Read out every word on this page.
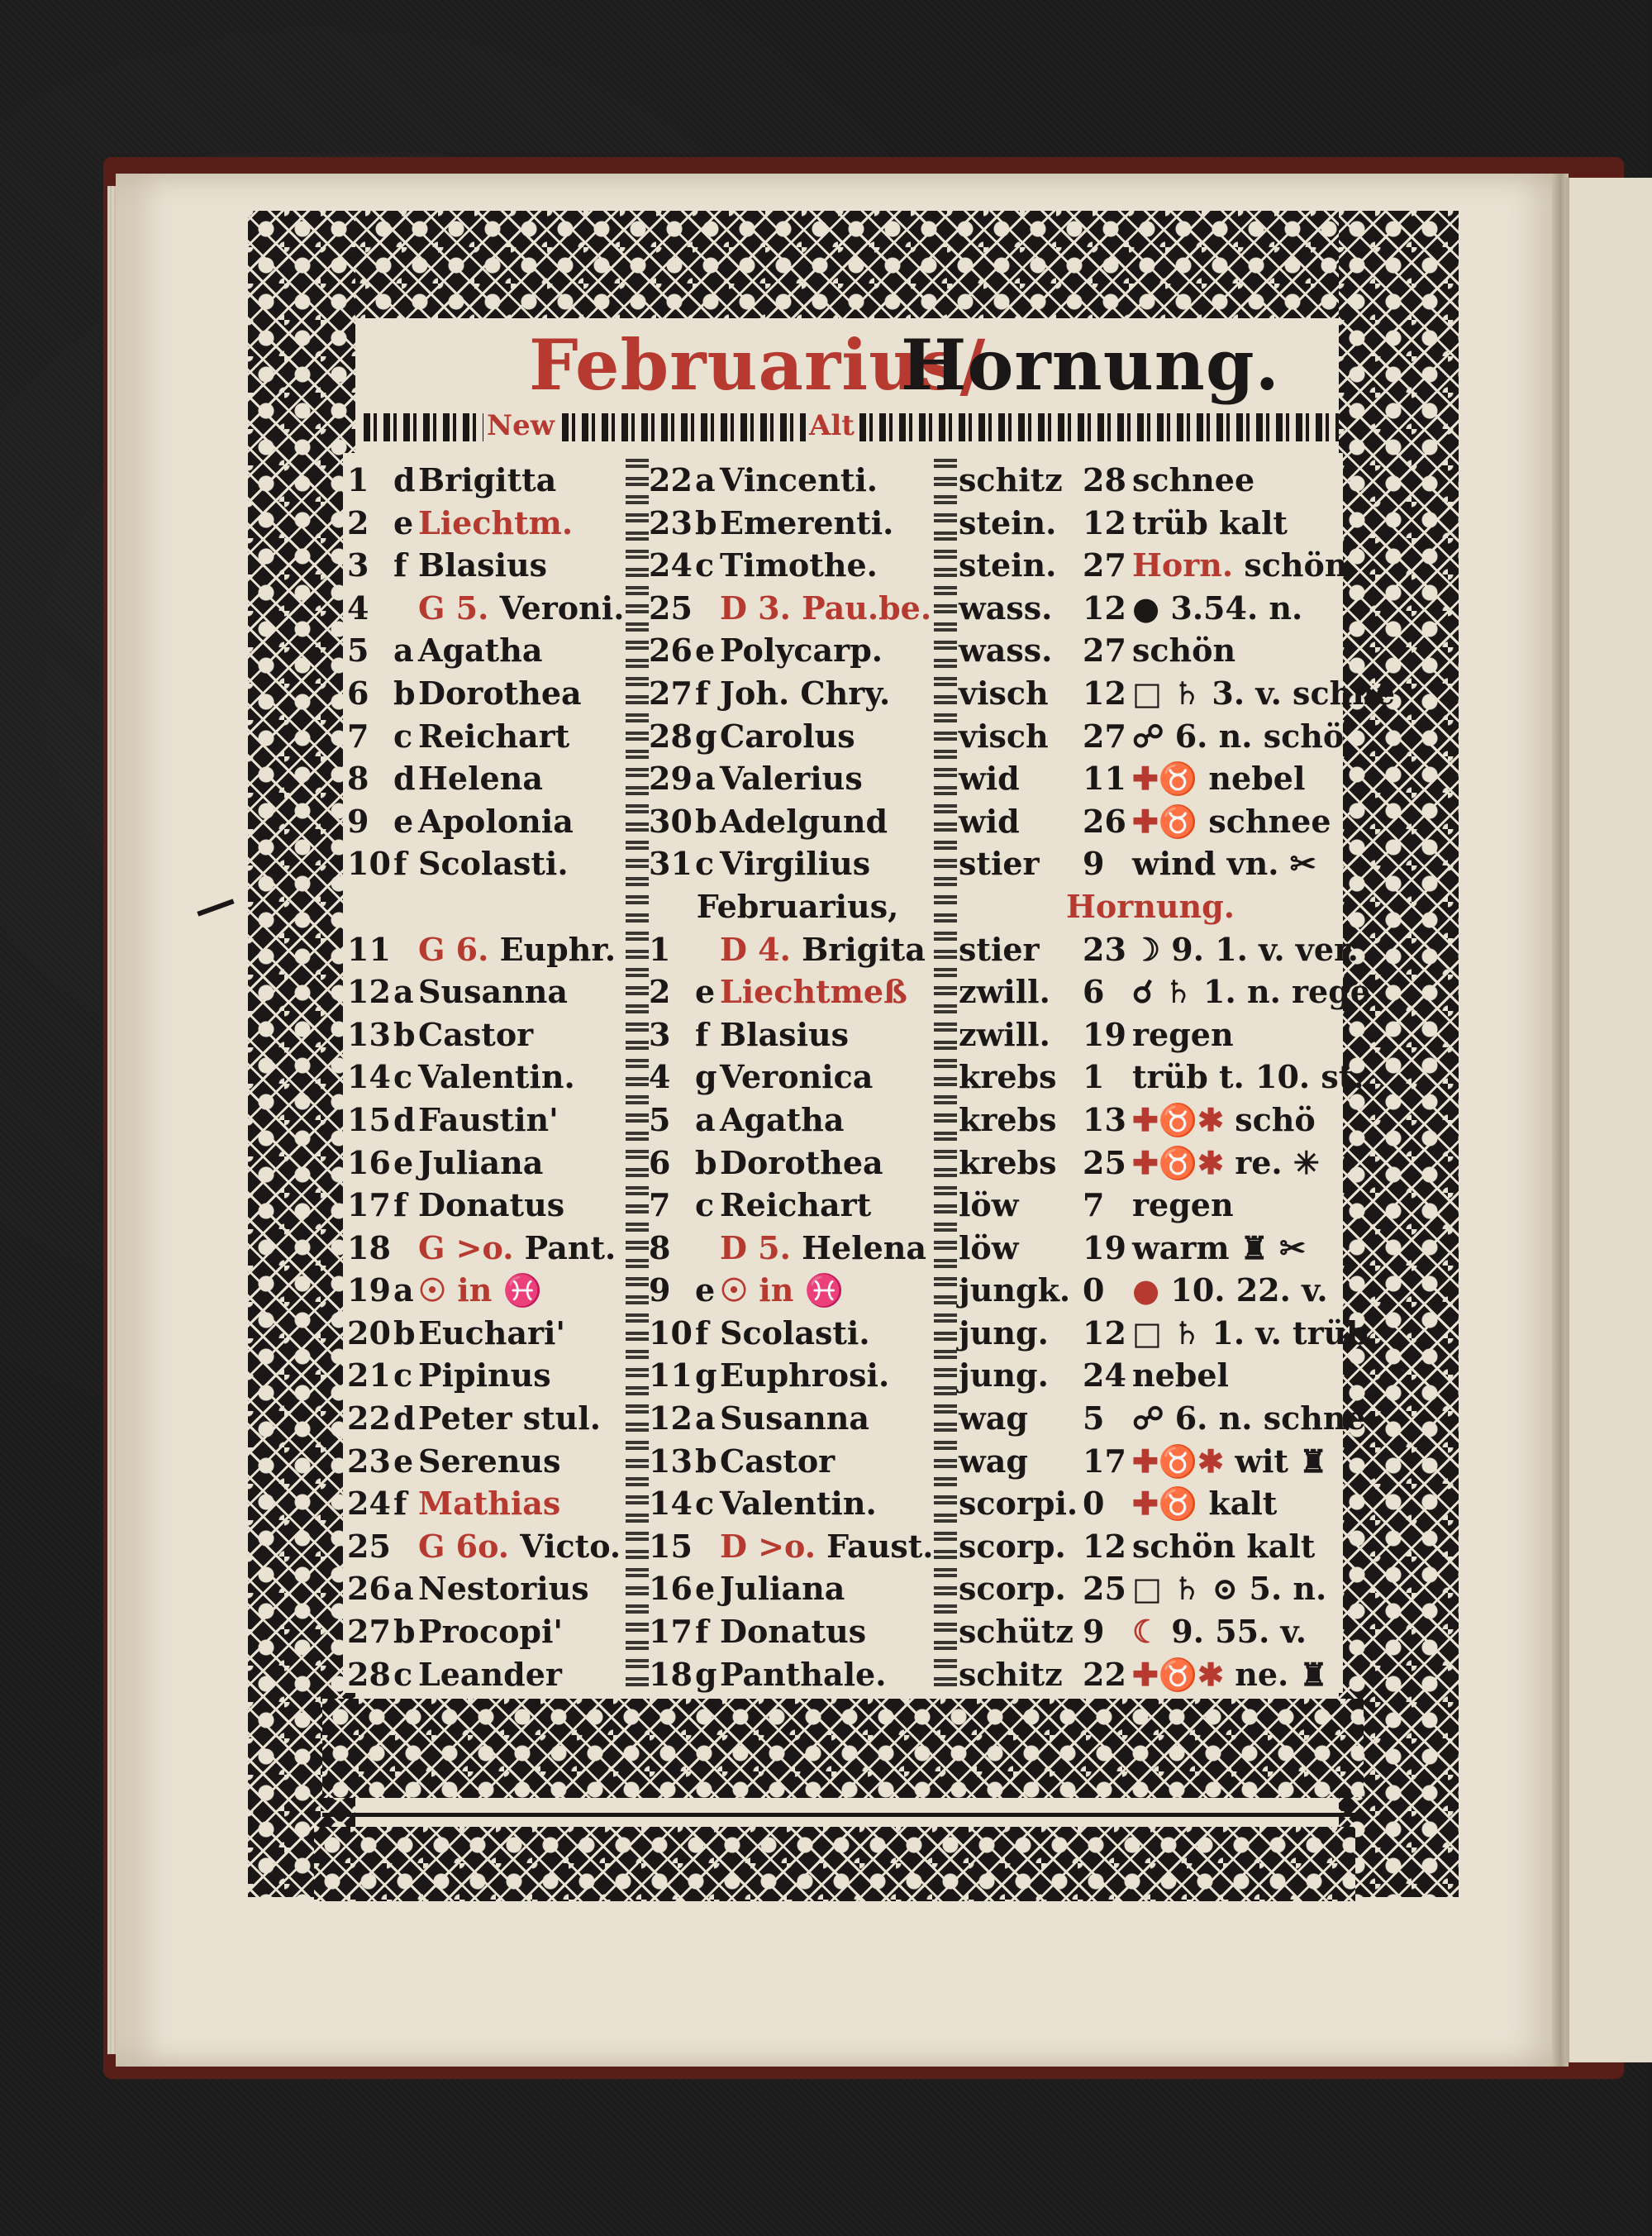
Februarius/
Hornung.
New	Alt
1 dBrigitta
2 e Liechtm.
3 f Blasius
4 G 5. Veroni.
5 a Agatha
6 bDorothea
7 c Reichart
8 dHelena
9 e Apolonia
10f Scolasti.
11 G 6. Euphr.
12a Susanna
13bCastor
14c Valentin.
15dFaustin'
16e Juliana
17f Donatus
18 G >o. Pant.
19a ☉ in ♓
20bEuchari'
21c Pipinus
22dPeter stul.
23e Serenus
24f Mathias
25 G 6o. Victo.
26a Nestorius
27bProcopi'
28c Leander
22a Vincenti.
23bEmerenti.
24c Timothe.
25 D 3. Pau.be.
26e Polycarp.
27f Joh. Chry.
28gCarolus
29a Valerius
30bAdelgund
31c Virgilius
Februarius,
1 D 4. Brigita
2 e Liechtmeß
3 f Blasius
4 gVeronica
5 a Agatha
6 bDorothea
7 c Reichart
8 D 5. Helena
9 e ☉ in ♓
10f Scolasti.
11gEuphrosi.
12a Susanna
13bCastor
14c Valentin.
15 D >o. Faust.
16e Juliana
17f Donatus
18gPanthale.
schitz 28 schnee
stein. 12 trüb kalt
stein. 27 Horn. schön
wass. 12 ● 3.54. n.
wass. 27 schön
visch 12 □ ♄ 3. v. schne
visch 27 ☍ 6. n. schö
wid 11 ✚♉ nebel
wid 26 ✚♉ schnee
stier 9 wind vn. ✂
Hornung.
stier 23 ☽ 9. 1. v. ver.
zwill. 6 ☌ ♄ 1. n. rege
zwill. 19 regen
krebs 1 trüb t. 10. st.
krebs 13 ✚♉✱ schö
krebs 25 ✚♉✱ re. ✳
löw 7 regen
löw 19 warm ♜ ✂
jungk. 0 ● 10. 22. v.
jung. 12 □ ♄ 1. v. trüb
jung. 24 nebel
wag 5 ☍ 6. n. schne
wag 17 ✚♉✱ wit ♜
scorpi. 0 ✚♉ kalt
scorp. 12 schön kalt
scorp. 25 □ ♄ ⊙ 5. n.
schütz 9 ☾ 9. 55. v.
schitz 22 ✚♉✱ ne. ♜
